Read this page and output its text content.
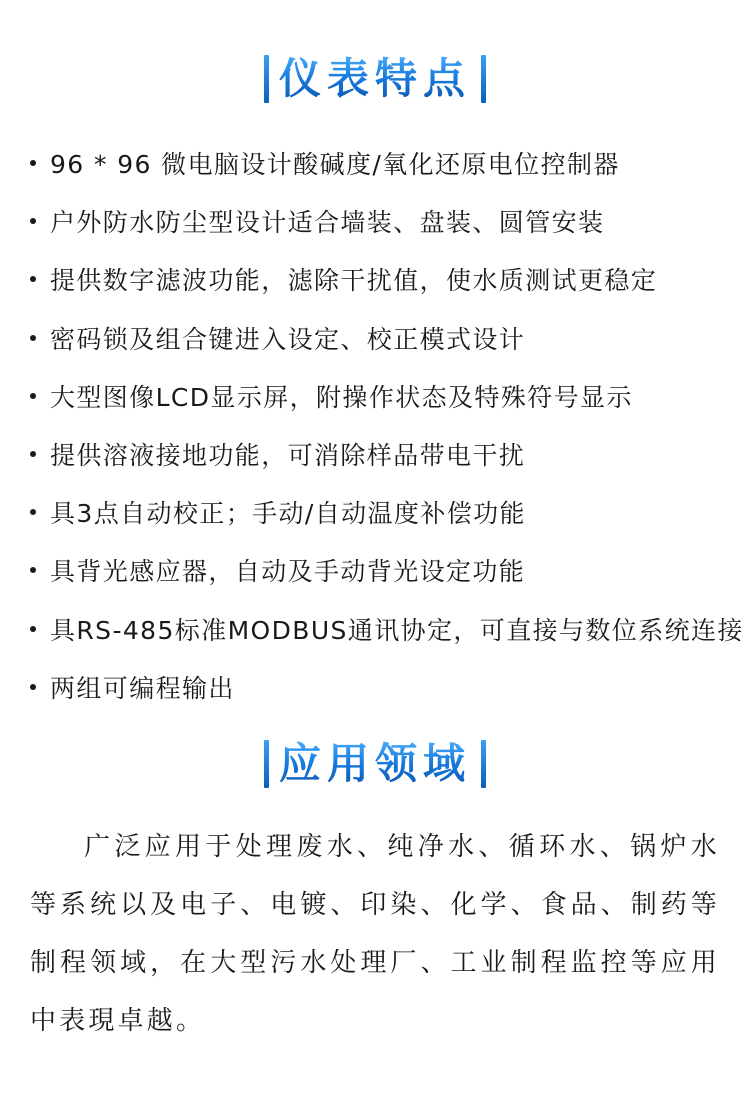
仪表特点
96 * 96 微电脑设计酸碱度/氧化还原电位控制器
户外防水防尘型设计适合墙装、盘装、圆管安装
提供数字滤波功能，滤除干扰值，使水质测试更稳定
密码锁及组合键进入设定、校正模式设计
大型图像LCD显示屏，附操作状态及特殊符号显示
提供溶液接地功能，可消除样品带电干扰
具3点自动校正；手动/自动温度补偿功能
具背光感应器，自动及手动背光设定功能
具RS-485标准MODBUS通讯协定，可直接与数位系统连接
两组可编程输出
应用领域

广泛应用于处理废水、纯净水、循环水、锅炉水等系统以及电子、电镀、印染、化学、食品、制药等制程领域，在大型污水处理厂、工业制程监控等应用中表現卓越。
